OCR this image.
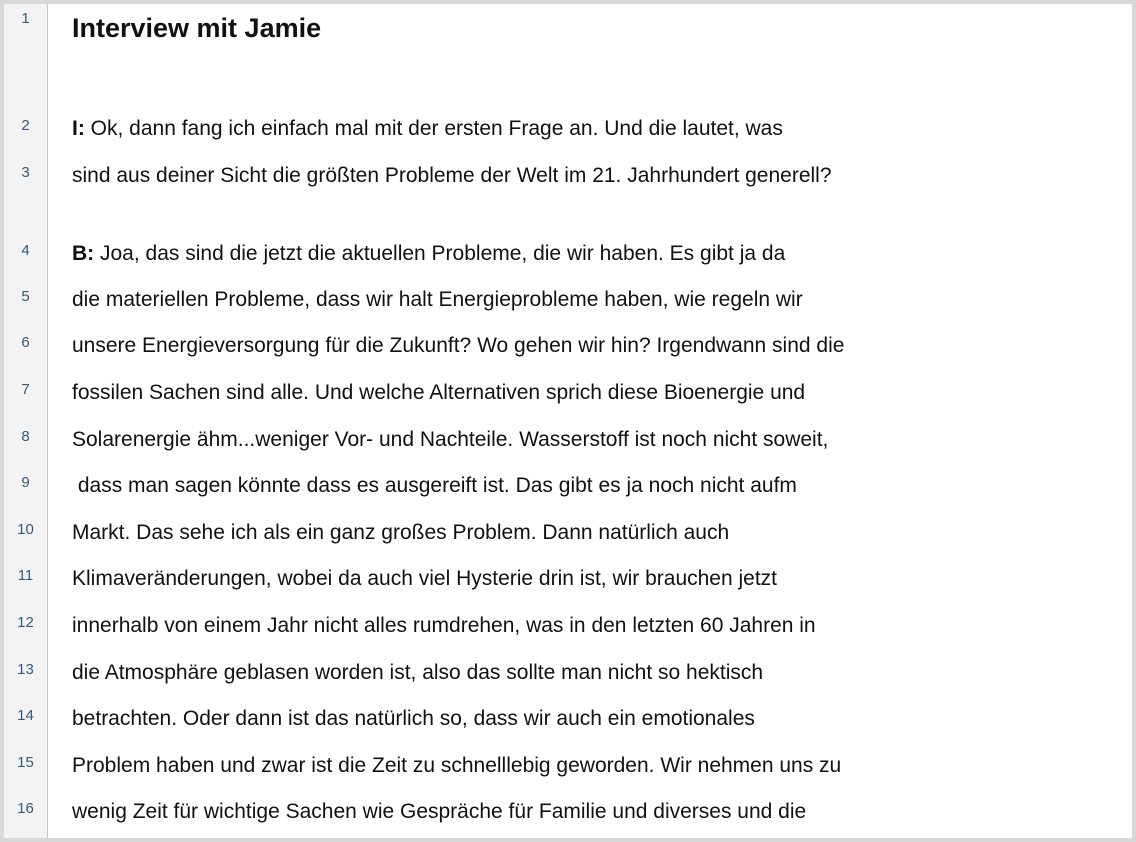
1	Interview mit Jamie
2	I: Ok, dann fang ich einfach mal mit der ersten Frage an. Und die lautet, was
3	sind aus deiner Sicht die größten Probleme der Welt im 21. Jahrhundert generell?
4	B: Joa, das sind die jetzt die aktuellen Probleme, die wir haben. Es gibt ja da
5	die materiellen Probleme, dass wir halt Energieprobleme haben, wie regeln wir
6	unsere Energieversorgung für die Zukunft? Wo gehen wir hin? Irgendwann sind die
7	fossilen Sachen sind alle. Und welche Alternativen sprich diese Bioenergie und
8	Solarenergie ähm...weniger Vor- und Nachteile. Wasserstoff ist noch nicht soweit,
9	dass man sagen könnte dass es ausgereift ist. Das gibt es ja noch nicht aufm
10	Markt. Das sehe ich als ein ganz großes Problem. Dann natürlich auch
11	Klimaveränderungen, wobei da auch viel Hysterie drin ist, wir brauchen jetzt
12	innerhalb von einem Jahr nicht alles rumdrehen, was in den letzten 60 Jahren in
13	die Atmosphäre geblasen worden ist, also das sollte man nicht so hektisch
14	betrachten. Oder dann ist das natürlich so, dass wir auch ein emotionales
15	Problem haben und zwar ist die Zeit zu schnelllebig geworden. Wir nehmen uns zu
16	wenig Zeit für wichtige Sachen wie Gespräche für Familie und diverses und die
